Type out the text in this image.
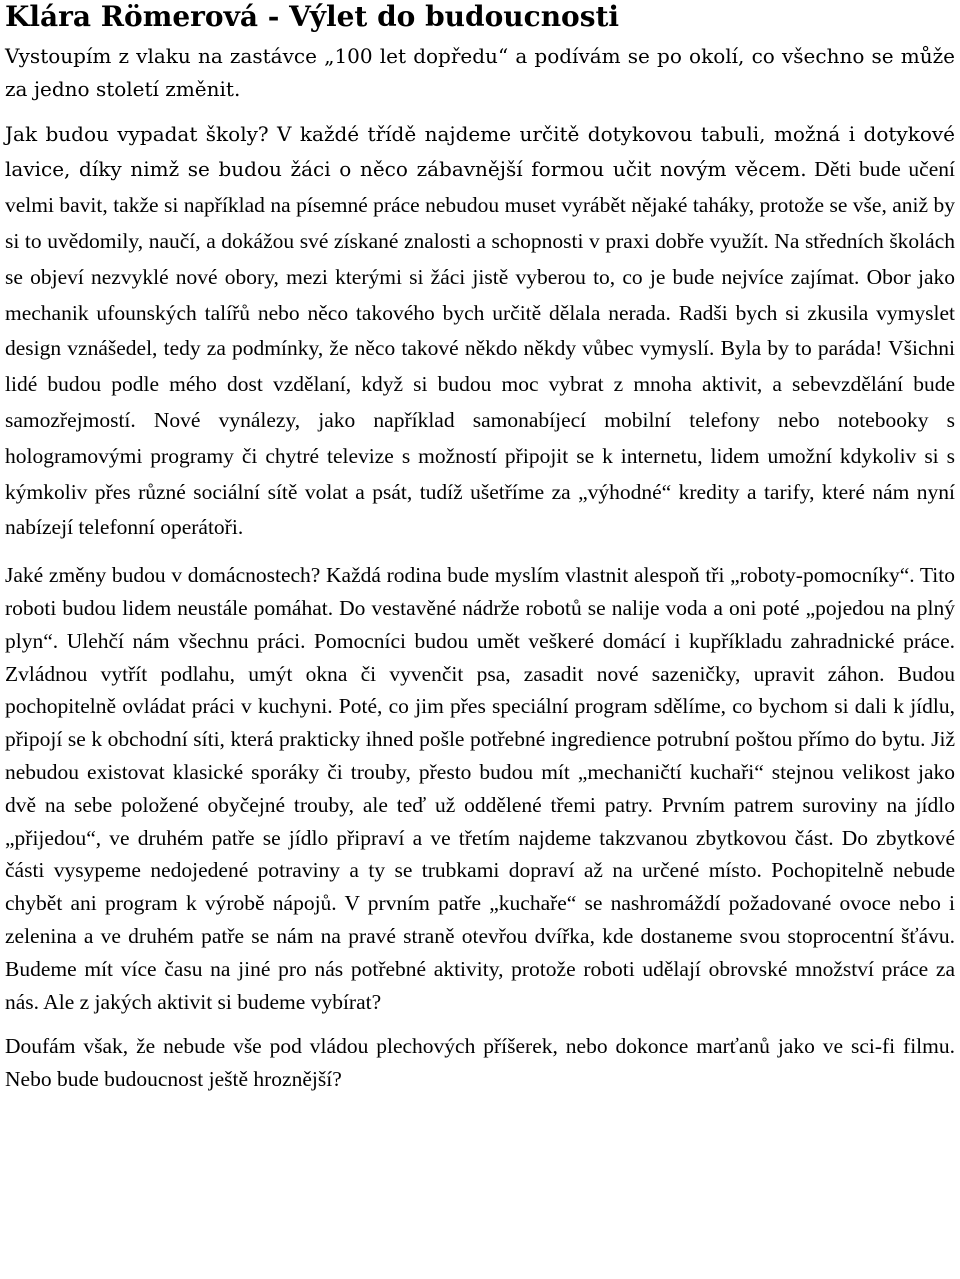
Klára Römerová - Výlet do budoucnosti

Vystoupím z vlaku na zastávce „100 let dopředu“ a podívám se po okolí, co všechno se může za jedno století změnit.

Jak budou vypadat školy? V každé třídě najdeme určitě dotykovou tabuli, možná i dotykové lavice, díky nimž se budou žáci o něco zábavnější formou učit novým věcem. Děti bude učení velmi bavit, takže si například na písemné práce nebudou muset vyrábět nějaké taháky, protože se vše, aniž by si to uvědomily, naučí, a dokážou své získané znalosti a schopnosti v praxi dobře využít. Na středních školách se objeví nezvyklé nové obory, mezi kterými si žáci jistě vyberou to, co je bude nejvíce zajímat. Obor jako mechanik ufounských talířů nebo něco takového bych určitě dělala nerada. Radši bych si zkusila vymyslet design vznášedel, tedy za podmínky, že něco takové někdo někdy vůbec vymyslí. Byla by to paráda! Všichni lidé budou podle mého dost vzdělaní, když si budou moc vybrat z mnoha aktivit, a sebevzdělání bude samozřejmostí. Nové vynálezy, jako například samonabíjecí mobilní telefony nebo notebooky s hologramovými programy či chytré televize s možností připojit se k internetu, lidem umožní kdykoliv si s kýmkoliv přes různé sociální sítě volat a psát, tudíž ušetříme za „výhodné“ kredity a tarify, které nám nyní nabízejí telefonní operátoři.

Jaké změny budou v domácnostech? Každá rodina bude myslím vlastnit alespoň tři „roboty-pomocníky“. Tito roboti budou lidem neustále pomáhat. Do vestavěné nádrže robotů se nalije voda a oni poté „pojedou na plný plyn“. Ulehčí nám všechnu práci. Pomocníci budou umět veškeré domácí i kupříkladu zahradnické práce. Zvládnou vytřít podlahu, umýt okna či vyvenčit psa, zasadit nové sazeničky, upravit záhon. Budou pochopitelně ovládat práci v kuchyni. Poté, co jim přes speciální program sdělíme, co bychom si dali k jídlu, připojí se k obchodní síti, která prakticky ihned pošle potřebné ingredience potrubní poštou přímo do bytu. Již nebudou existovat klasické sporáky či trouby, přesto budou mít „mechaničtí kuchaři“ stejnou velikost jako dvě na sebe položené obyčejné trouby, ale teď už oddělené třemi patry. Prvním patrem suroviny na jídlo „přijedou“, ve druhém patře se jídlo připraví a ve třetím najdeme takzvanou zbytkovou část. Do zbytkové části vysypeme nedojedené potraviny a ty se trubkami dopraví až na určené místo. Pochopitelně nebude chybět ani program k výrobě nápojů. V prvním patře „kuchaře“ se nashromáždí požadované ovoce nebo i zelenina a ve druhém patře se nám na pravé straně otevřou dvířka, kde dostaneme svou stoprocentní šťávu. Budeme mít více času na jiné pro nás potřebné aktivity, protože roboti udělají obrovské množství práce za nás. Ale z jakých aktivit si budeme vybírat?

Doufám však, že nebude vše pod vládou plechových příšerek, nebo dokonce marťanů jako ve sci-fi filmu. Nebo bude budoucnost ještě hroznější?
